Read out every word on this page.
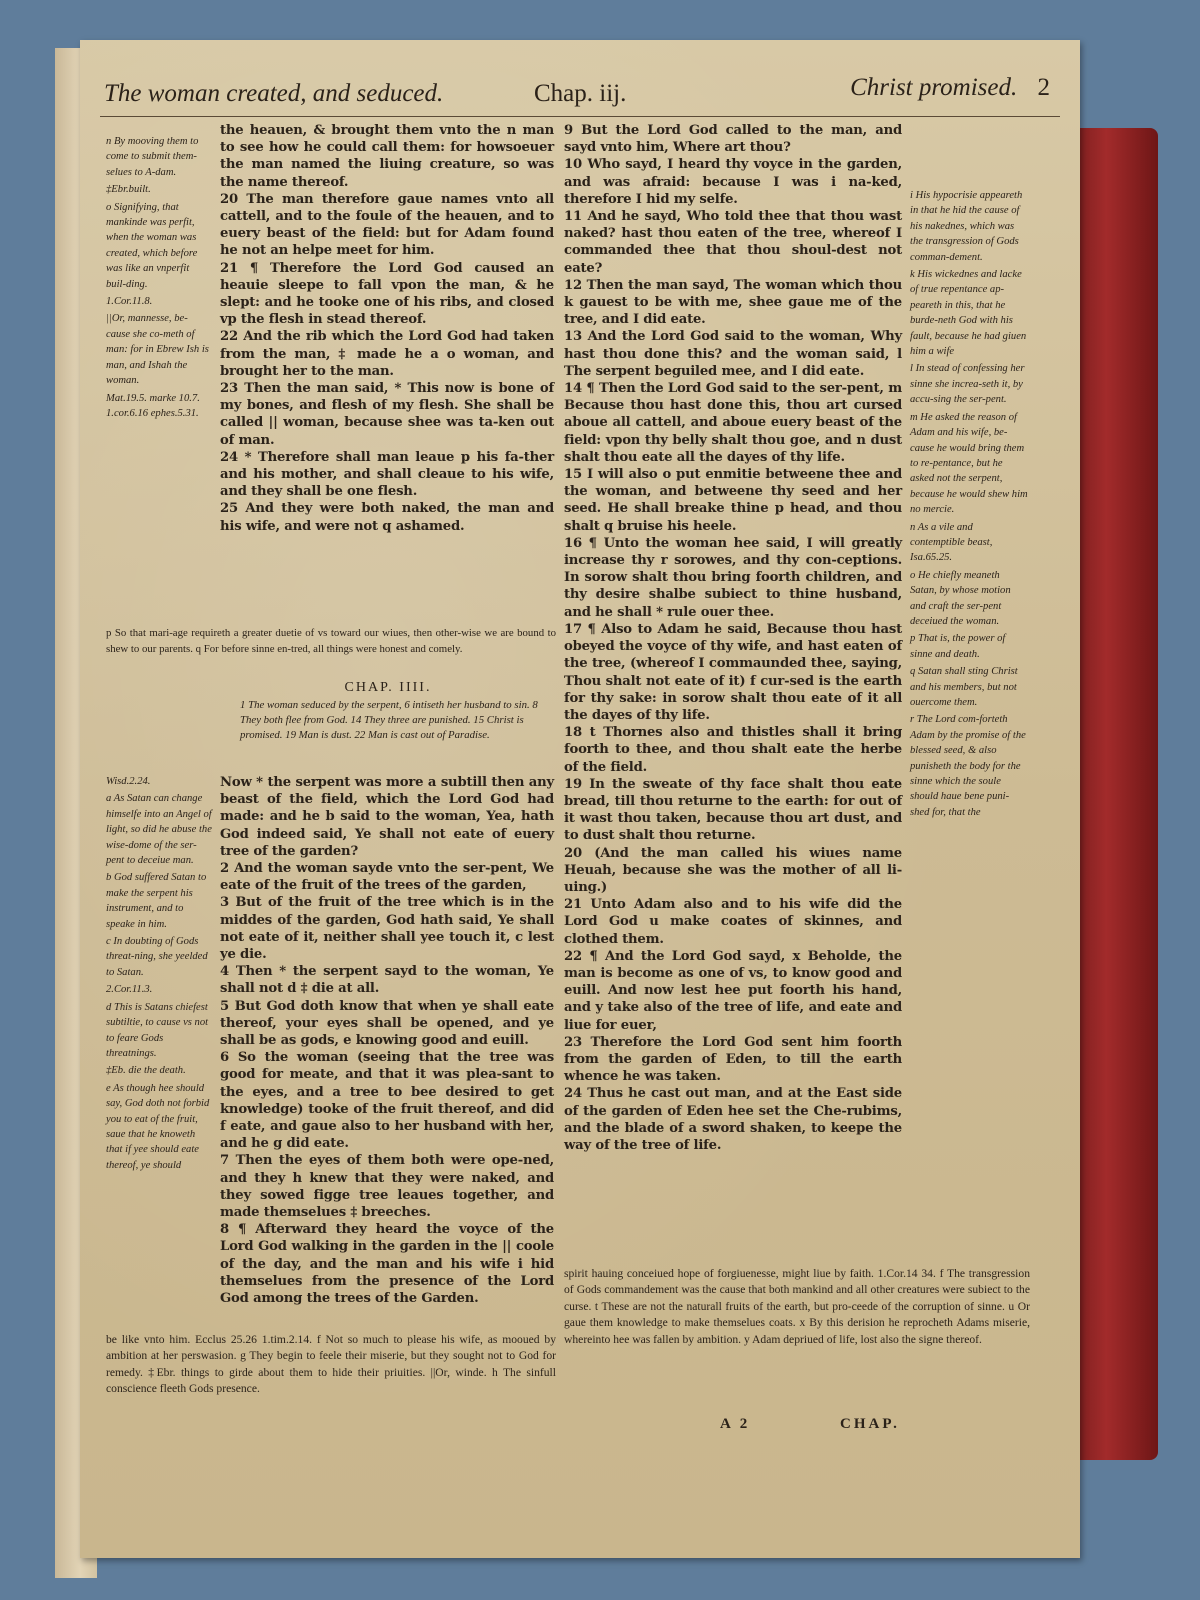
The woman created, and seduced.	Chap. iij.	Christ promised. 2

n By mooving them to come to submit them-selues to A-dam.

‡Ebr.built.

o Signifying, that mankinde was perfit, when the woman was created, which before was like an vnperfit buil-ding.

1.Cor.11.8.

||Or, mannesse, be-cause she co-meth of man: for in Ebrew Ish is man, and Ishah the woman.

Mat.19.5. marke 10.7. 1.cor.6.16 ephes.5.31.

the heauen, & brought them vnto the n man to see how he could call them: for howsoeuer the man named the liuing creature, so was the name thereof.

20 The man therefore gaue names vnto all cattell, and to the foule of the heauen, and to euery beast of the field: but for Adam found he not an helpe meet for him.

21 ¶ Therefore the Lord God caused an heauie sleepe to fall vpon the man, & he slept: and he tooke one of his ribs, and closed vp the flesh in stead thereof.

22 And the rib which the Lord God had taken from the man, ‡ made he a o woman, and brought her to the man.

23 Then the man said, * This now is bone of my bones, and flesh of my flesh. She shall be called || woman, because shee was ta-ken out of man.

24 * Therefore shall man leaue p his fa-ther and his mother, and shall cleaue to his wife, and they shall be one flesh.

25 And they were both naked, the man and his wife, and were not q ashamed.

p So that mari-age requireth a greater duetie of vs toward our wiues, then other-wise we are bound to shew to our parents. q For before sinne en-tred, all things were honest and comely.

CHAP. IIII.
1 The woman seduced by the serpent, 6 intiseth her husband to sin. 8 They both flee from God. 14 They three are punished. 15 Christ is promised. 19 Man is dust. 22 Man is cast out of Paradise.

Wisd.2.24.

a As Satan can change himselfe into an Angel of light, so did he abuse the wise-dome of the ser-pent to deceiue man.

b God suffered Satan to make the serpent his instrument, and to speake in him.

c In doubting of Gods threat-ning, she yeelded to Satan.

2.Cor.11.3.

d This is Satans chiefest subtiltie, to cause vs not to feare Gods threatnings.

‡Eb. die the death.

e As though hee should say, God doth not forbid you to eat of the fruit, saue that he knoweth that if yee should eate thereof, ye should

Now * the serpent was more a subtill then any beast of the field, which the Lord God had made: and he b said to the woman, Yea, hath God indeed said, Ye shall not eate of euery tree of the garden?

2 And the woman sayde vnto the ser-pent, We eate of the fruit of the trees of the garden,

3 But of the fruit of the tree which is in the middes of the garden, God hath said, Ye shall not eate of it, neither shall yee touch it, c lest ye die.

4 Then * the serpent sayd to the woman, Ye shall not d ‡ die at all.

5 But God doth know that when ye shall eate thereof, your eyes shall be opened, and ye shall be as gods, e knowing good and euill.

6 So the woman (seeing that the tree was good for meate, and that it was plea-sant to the eyes, and a tree to bee desired to get knowledge) tooke of the fruit thereof, and did f eate, and gaue also to her husband with her, and he g did eate.

7 Then the eyes of them both were ope-ned, and they h knew that they were naked, and they sowed figge tree leaues together, and made themselues ‡ breeches.

8 ¶ Afterward they heard the voyce of the Lord God walking in the garden in the || coole of the day, and the man and his wife i hid themselues from the presence of the Lord God among the trees of the Garden.

be like vnto him. Ecclus 25.26 1.tim.2.14. f Not so much to please his wife, as mooued by ambition at her perswasion. g They begin to feele their miserie, but they sought not to God for remedy. ‡Ebr. things to girde about them to hide their priuities. ||Or, winde. h The sinfull conscience fleeth Gods presence.

9 But the Lord God called to the man, and sayd vnto him, Where art thou?

10 Who sayd, I heard thy voyce in the garden, and was afraid: because I was i na-ked, therefore I hid my selfe.

11 And he sayd, Who told thee that thou wast naked? hast thou eaten of the tree, whereof I commanded thee that thou shoul-dest not eate?

12 Then the man sayd, The woman which thou k gauest to be with me, shee gaue me of the tree, and I did eate.

13 And the Lord God said to the woman, Why hast thou done this? and the woman said, l The serpent beguiled mee, and I did eate.

14 ¶ Then the Lord God said to the ser-pent, m Because thou hast done this, thou art cursed aboue all cattell, and aboue euery beast of the field: vpon thy belly shalt thou goe, and n dust shalt thou eate all the dayes of thy life.

15 I will also o put enmitie betweene thee and the woman, and betweene thy seed and her seed. He shall breake thine p head, and thou shalt q bruise his heele.

16 ¶ Unto the woman hee said, I will greatly increase thy r sorowes, and thy con-ceptions. In sorow shalt thou bring foorth children, and thy desire shalbe subiect to thine husband, and he shall * rule ouer thee.

17 ¶ Also to Adam he said, Because thou hast obeyed the voyce of thy wife, and hast eaten of the tree, (whereof I commaunded thee, saying, Thou shalt not eate of it) f cur-sed is the earth for thy sake: in sorow shalt thou eate of it all the dayes of thy life.

18 t Thornes also and thistles shall it bring foorth to thee, and thou shalt eate the herbe of the field.

19 In the sweate of thy face shalt thou eate bread, till thou returne to the earth: for out of it wast thou taken, because thou art dust, and to dust shalt thou returne.

20 (And the man called his wiues name Heuah, because she was the mother of all li-uing.)

21 Unto Adam also and to his wife did the Lord God u make coates of skinnes, and clothed them.

22 ¶ And the Lord God sayd, x Beholde, the man is become as one of vs, to know good and euill. And now lest hee put foorth his hand, and y take also of the tree of life, and eate and liue for euer,

23 Therefore the Lord God sent him foorth from the garden of Eden, to till the earth whence he was taken.

24 Thus he cast out man, and at the East side of the garden of Eden hee set the Che-rubims, and the blade of a sword shaken, to keepe the way of the tree of life.

i His hypocrisie appeareth in that he hid the cause of his nakednes, which was the transgression of Gods comman-dement.

k His wickednes and lacke of true repentance ap-peareth in this, that he burde-neth God with his fault, because he had giuen him a wife

l In stead of confessing her sinne she increa-seth it, by accu-sing the ser-pent.

m He asked the reason of Adam and his wife, be-cause he would bring them to re-pentance, but he asked not the serpent, because he would shew him no mercie.

n As a vile and contemptible beast, Isa.65.25.

o He chiefly meaneth Satan, by whose motion and craft the ser-pent deceiued the woman.

p That is, the power of sinne and death.

q Satan shall sting Christ and his members, but not ouercome them.

r The Lord com-forteth Adam by the promise of the blessed seed, & also punisheth the body for the sinne which the soule should haue bene puni-shed for, that the

spirit hauing conceiued hope of forgiuenesse, might liue by faith. 1.Cor.14 34. f The transgression of Gods commandement was the cause that both mankind and all other creatures were subiect to the curse. t These are not the naturall fruits of the earth, but pro-ceede of the corruption of sinne. u Or gaue them knowledge to make themselues coats. x By this derision he reprocheth Adams miserie, whereinto hee was fallen by ambition. y Adam depriued of life, lost also the signe thereof.

A 2	CHAP.
